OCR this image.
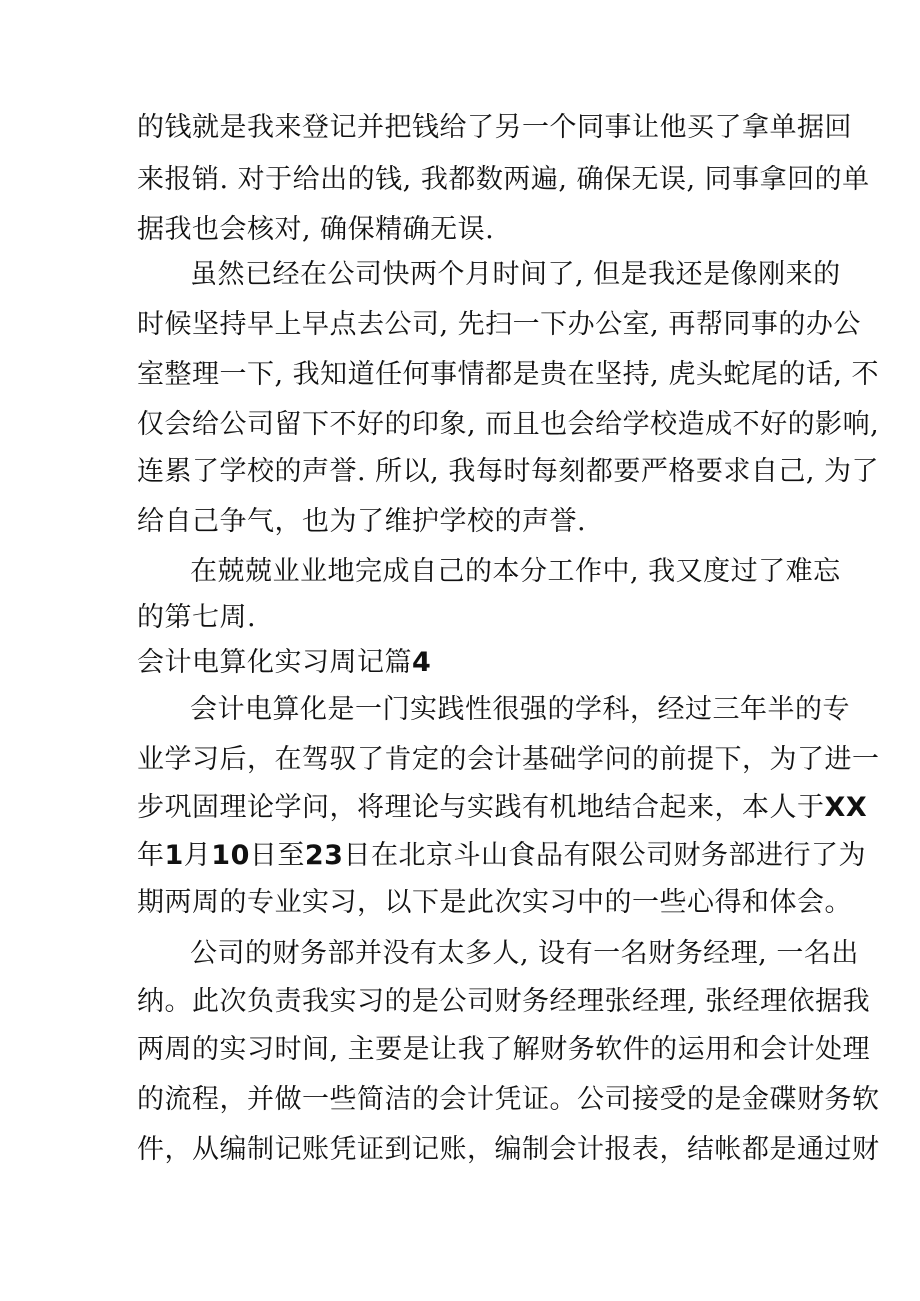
的钱就是我来登记并把钱给了另一个同事让他买了拿单据回
来报销. 对于给出的钱, 我都数两遍, 确保无误, 同事拿回的单
据我也会核对, 确保精确无误.
虽然已经在公司快两个月时间了, 但是我还是像刚来的
时候坚持早上早点去公司, 先扫一下办公室, 再帮同事的办公
室整理一下, 我知道任何事情都是贵在坚持, 虎头蛇尾的话, 不
仅会给公司留下不好的印象, 而且也会给学校造成不好的影响,
连累了学校的声誉. 所以, 我每时每刻都要严格要求自己, 为了
给自己争气，也为了维护学校的声誉.
在兢兢业业地完成自己的本分工作中, 我又度过了难忘
的第七周.
会计电算化实习周记篇4
会计电算化是一门实践性很强的学科，经过三年半的专
业学习后，在驾驭了肯定的会计基础学问的前提下，为了进一
步巩固理论学问，将理论与实践有机地结合起来，本人于XX
年1月10日至23日在北京斗山食品有限公司财务部进行了为
期两周的专业实习，以下是此次实习中的一些心得和体会。
公司的财务部并没有太多人, 设有一名财务经理, 一名出
纳。此次负责我实习的是公司财务经理张经理, 张经理依据我
两周的实习时间, 主要是让我了解财务软件的运用和会计处理
的流程，并做一些简洁的会计凭证。公司接受的是金碟财务软
件，从编制记账凭证到记账，编制会计报表，结帐都是通过财
